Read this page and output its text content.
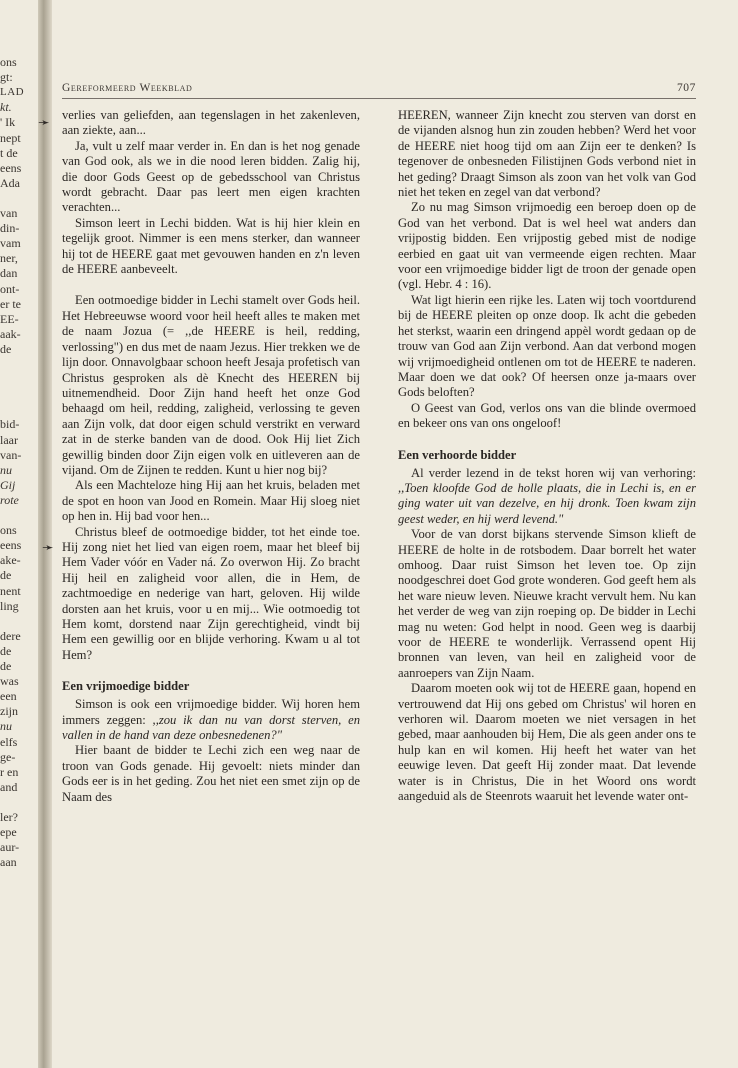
LAD
ons
gt:
kt.
' Ik
nept
t de
eens
Ada
van
din-
vam
ner,
dan
ont-
er te
EE-
aak-
de
bid-
laar
van-
nu
Gij
rote
ons
eens
ake-
de
nent
ling
dere
de
de
was
een
zijn
nu
elfs
ge-
r en
and
ler?
epe
aur-
aan
Gereformeerd Weekblad	707
➛
➛

verlies van geliefden, aan tegenslagen in het zakenleven, aan ziekte, aan...

Ja, vult u zelf maar verder in. En dan is het nog genade van God ook, als we in die nood leren bidden. Zalig hij, die door Gods Geest op de gebedsschool van Christus wordt gebracht. Daar pas leert men eigen krachten verachten...

Simson leert in Lechi bidden. Wat is hij hier klein en tegelijk groot. Nimmer is een mens sterker, dan wanneer hij tot de HEERE gaat met gevouwen handen en z'n leven de HEERE aanbeveelt.

Een ootmoedige bidder in Lechi stamelt over Gods heil. Het Hebreeuwse woord voor heil heeft alles te maken met de naam Jozua (= ,,de HEERE is heil, redding, verlossing") en dus met de naam Jezus. Hier trekken we de lijn door. Onnavolgbaar schoon heeft Jesaja profetisch van Christus gesproken als dè Knecht des HEEREN bij uitnemendheid. Door Zijn hand heeft het onze God behaagd om heil, redding, zaligheid, verlossing te geven aan Zijn volk, dat door eigen schuld verstrikt en verward zat in de sterke banden van de dood. Ook Hij liet Zich gewillig binden door Zijn eigen volk en uitleveren aan de vijand. Om de Zijnen te redden. Kunt u hier nog bij?

Als een Machteloze hing Hij aan het kruis, beladen met de spot en hoon van Jood en Romein. Maar Hij sloeg niet op hen in. Hij bad voor hen...

Christus bleef de ootmoedige bidder, tot het einde toe. Hij zong niet het lied van eigen roem, maar het bleef bij Hem Vader vóór en Vader ná. Zo overwon Hij. Zo bracht Hij heil en zaligheid voor allen, die in Hem, de zachtmoedige en nederige van hart, geloven. Hij wilde dorsten aan het kruis, voor u en mij... Wie ootmoedig tot Hem komt, dorstend naar Zijn gerechtigheid, vindt bij Hem een gewillig oor en blijde verhoring. Kwam u al tot Hem?

Een vrijmoedige bidder

Simson is ook een vrijmoedige bidder. Wij horen hem immers zeggen: ,,zou ik dan nu van dorst sterven, en vallen in de hand van deze onbesnedenen?"

Hier baant de bidder te Lechi zich een weg naar de troon van Gods genade. Hij gevoelt: niets minder dan Gods eer is in het geding. Zou het niet een smet zijn op de Naam des

HEEREN, wanneer Zijn knecht zou sterven van dorst en de vijanden alsnog hun zin zouden hebben? Werd het voor de HEERE niet hoog tijd om aan Zijn eer te denken? Is tegenover de onbesneden Filistijnen Gods verbond niet in het geding? Draagt Simson als zoon van het volk van God niet het teken en zegel van dat verbond?

Zo nu mag Simson vrijmoedig een beroep doen op de God van het verbond. Dat is wel heel wat anders dan vrijpostig bidden. Een vrijpostig gebed mist de nodige eerbied en gaat uit van vermeende eigen rechten. Maar voor een vrijmoedige bidder ligt de troon der genade open (vgl. Hebr. 4 : 16).

Wat ligt hierin een rijke les. Laten wij toch voortdurend bij de HEERE pleiten op onze doop. Ik acht die gebeden het sterkst, waarin een dringend appèl wordt gedaan op de trouw van God aan Zijn verbond. Aan dat verbond mogen wij vrijmoedigheid ontlenen om tot de HEERE te naderen. Maar doen we dat ook? Of heersen onze ja-maars over Gods beloften?

O Geest van God, verlos ons van die blinde overmoed en bekeer ons van ons ongeloof!

Een verhoorde bidder

Al verder lezend in de tekst horen wij van verhoring: ,,Toen kloofde God de holle plaats, die in Lechi is, en er ging water uit van dezelve, en hij dronk. Toen kwam zijn geest weder, en hij werd levend."

Voor de van dorst bijkans stervende Simson klieft de HEERE de holte in de rotsbodem. Daar borrelt het water omhoog. Daar ruist Simson het leven toe. Op zijn noodgeschrei doet God grote wonderen. God geeft hem als het ware nieuw leven. Nieuwe kracht vervult hem. Nu kan het verder de weg van zijn roeping op. De bidder in Lechi mag nu weten: God helpt in nood. Geen weg is daarbij voor de HEERE te wonderlijk. Verrassend opent Hij bronnen van leven, van heil en zaligheid voor de aanroepers van Zijn Naam.

Daarom moeten ook wij tot de HEERE gaan, hopend en vertrouwend dat Hij ons gebed om Christus' wil horen en verhoren wil. Daarom moeten we niet versagen in het gebed, maar aanhouden bij Hem, Die als geen ander ons te hulp kan en wil komen. Hij heeft het water van het eeuwige leven. Dat geeft Hij zonder maat. Dat levende water is in Christus, Die in het Woord ons wordt aangeduid als de Steenrots waaruit het levende water ont-
